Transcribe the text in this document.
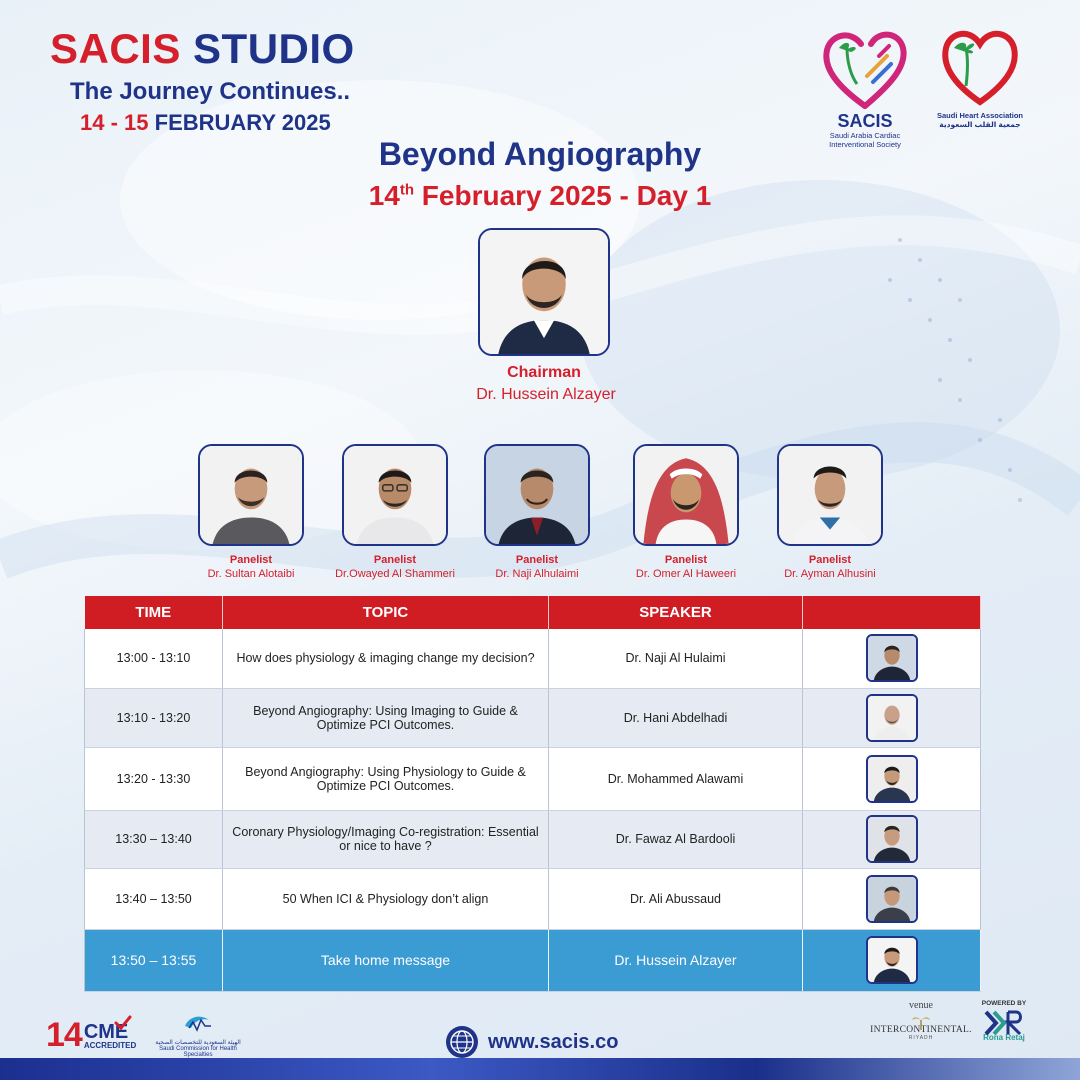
SACIS STUDIO
The Journey Continues..
14 - 15 FEBRUARY 2025	SACIS
Saudi Arabia Cardiac Interventional Society
Saudi Heart Association
جمعية القلب السعودية
Beyond Angiography
14th February 2025 - Day 1
Chairman
Dr. Hussein Alzayer
Panelist
Dr. Sultan Alotaibi
Panelist
Dr.Owayed Al Shammeri
Panelist
Dr. Naji Alhulaimi
Panelist
Dr. Omer Al Haweeri
Panelist
Dr. Ayman Alhusini
TIME	TOPIC	SPEAKER	
13:00 - 13:10	How does physiology & imaging change my decision?	Dr. Naji Al Hulaimi	

13:10 - 13:20	Beyond Angiography: Using Imaging to Guide & Optimize PCI Outcomes.	Dr. Hani Abdelhadi	

13:20 - 13:30	Beyond Angiography: Using Physiology to Guide & Optimize PCI Outcomes.	Dr. Mohammed Alawami	

13:30 – 13:40	Coronary Physiology/Imaging Co-registration: Essential or nice to have ?	Dr. Fawaz Al Bardooli	

13:40 – 13:50	50 When ICI & Physiology don’t align	Dr. Ali Abussaud	

13:50 – 13:55	Take home message	Dr. Hussein Alzayer	
14 CME
ACCREDITED	الهيئة السعودية للتخصصات الصحية
Saudi Commission for Health Specialties
www.sacis.co
venue
INTERCONTINENTAL.
RIYADH
POWERED BY
Rona Retaj
